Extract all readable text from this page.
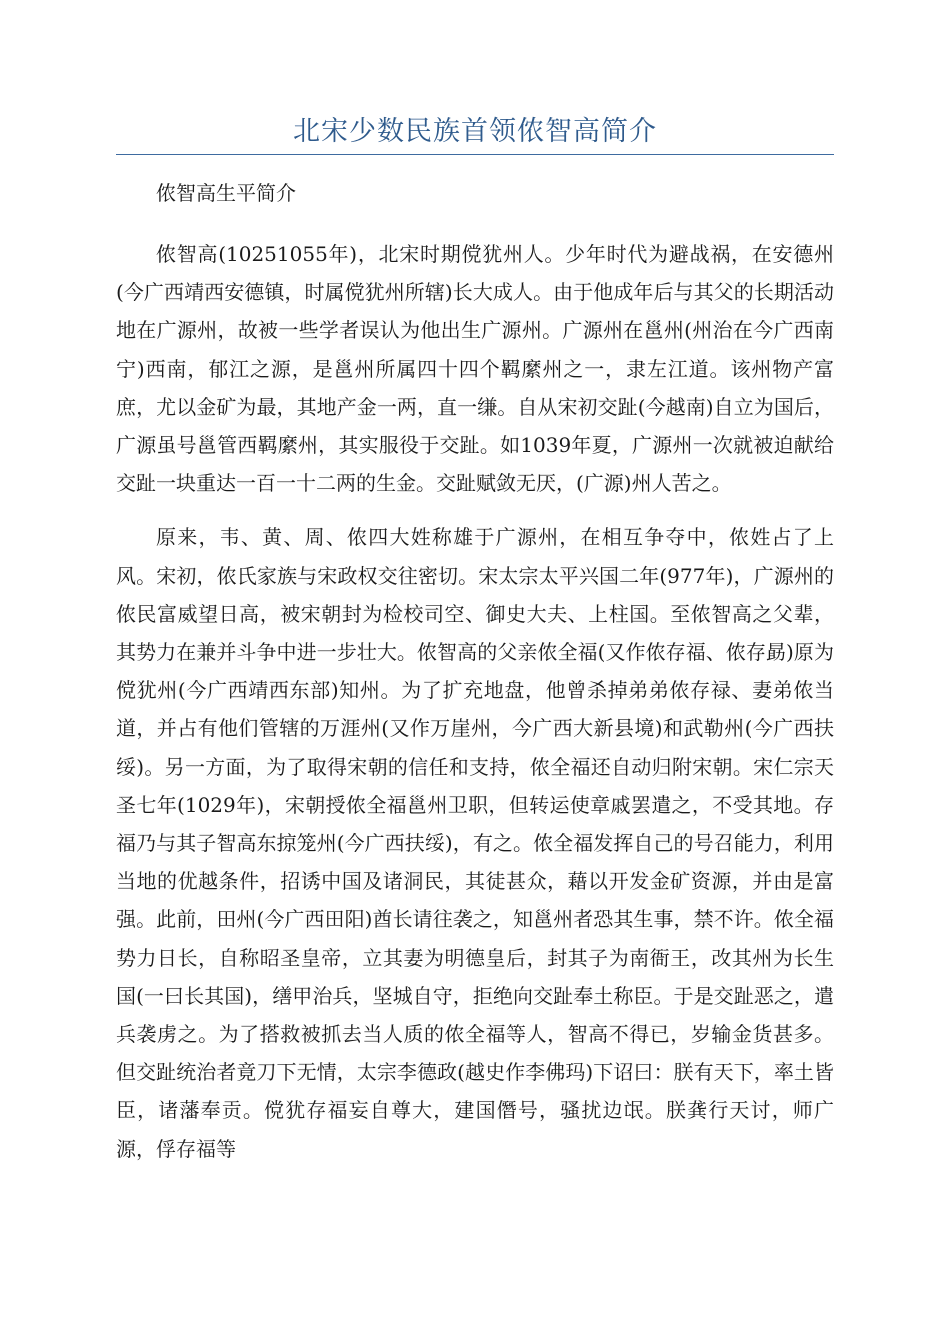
北宋少数民族首领侬智高简介

侬智高生平简介

侬智高(10251055年)，北宋时期傥犹州人。少年时代为避战祸，在安德州(今广西靖西安德镇，时属傥犹州所辖)长大成人。由于他成年后与其父的长期活动地在广源州，故被一些学者误认为他出生广源州。广源州在邕州(州治在今广西南宁)西南，郁江之源，是邕州所属四十四个羁縻州之一，隶左江道。该州物产富庶，尤以金矿为最，其地产金一两，直一缣。自从宋初交趾(今越南)自立为国后，广源虽号邕管西羁縻州，其实服役于交趾。如1039年夏，广源州一次就被迫献给交趾一块重达一百一十二两的生金。交趾赋敛无厌，(广源)州人苦之。

原来，韦、黄、周、侬四大姓称雄于广源州，在相互争夺中，侬姓占了上风。宋初，侬氏家族与宋政权交往密切。宋太宗太平兴国二年(977年)，广源州的侬民富威望日高，被宋朝封为检校司空、御史大夫、上柱国。至侬智高之父辈，其势力在兼并斗争中进一步壮大。侬智高的父亲侬全福(又作侬存福、侬存勗)原为傥犹州(今广西靖西东部)知州。为了扩充地盘，他曾杀掉弟弟侬存禄、妻弟侬当道，并占有他们管辖的万涯州(又作万崖州，今广西大新县境)和武勒州(今广西扶绥)。另一方面，为了取得宋朝的信任和支持，侬全福还自动归附宋朝。宋仁宗天圣七年(1029年)，宋朝授侬全福邕州卫职，但转运使章戚罢遣之，不受其地。存福乃与其子智高东掠笼州(今广西扶绥)，有之。侬全福发挥自己的号召能力，利用当地的优越条件，招诱中国及诸洞民，其徒甚众，藉以开发金矿资源，并由是富强。此前，田州(今广西田阳)酋长请往袭之，知邕州者恐其生事，禁不许。侬全福势力日长，自称昭圣皇帝，立其妻为明德皇后，封其子为南衙王，改其州为长生国(一曰长其国)，缮甲治兵，坚城自守，拒绝向交趾奉土称臣。于是交趾恶之，遣兵袭虏之。为了搭救被抓去当人质的侬全福等人，智高不得已，岁输金货甚多。但交趾统治者竟刀下无情，太宗李德政(越史作李佛玛)下诏曰：朕有天下，率土皆臣，诸藩奉贡。傥犹存福妄自尊大，建国僭号，骚扰边氓。朕龚行天讨，师广源，俘存福等
